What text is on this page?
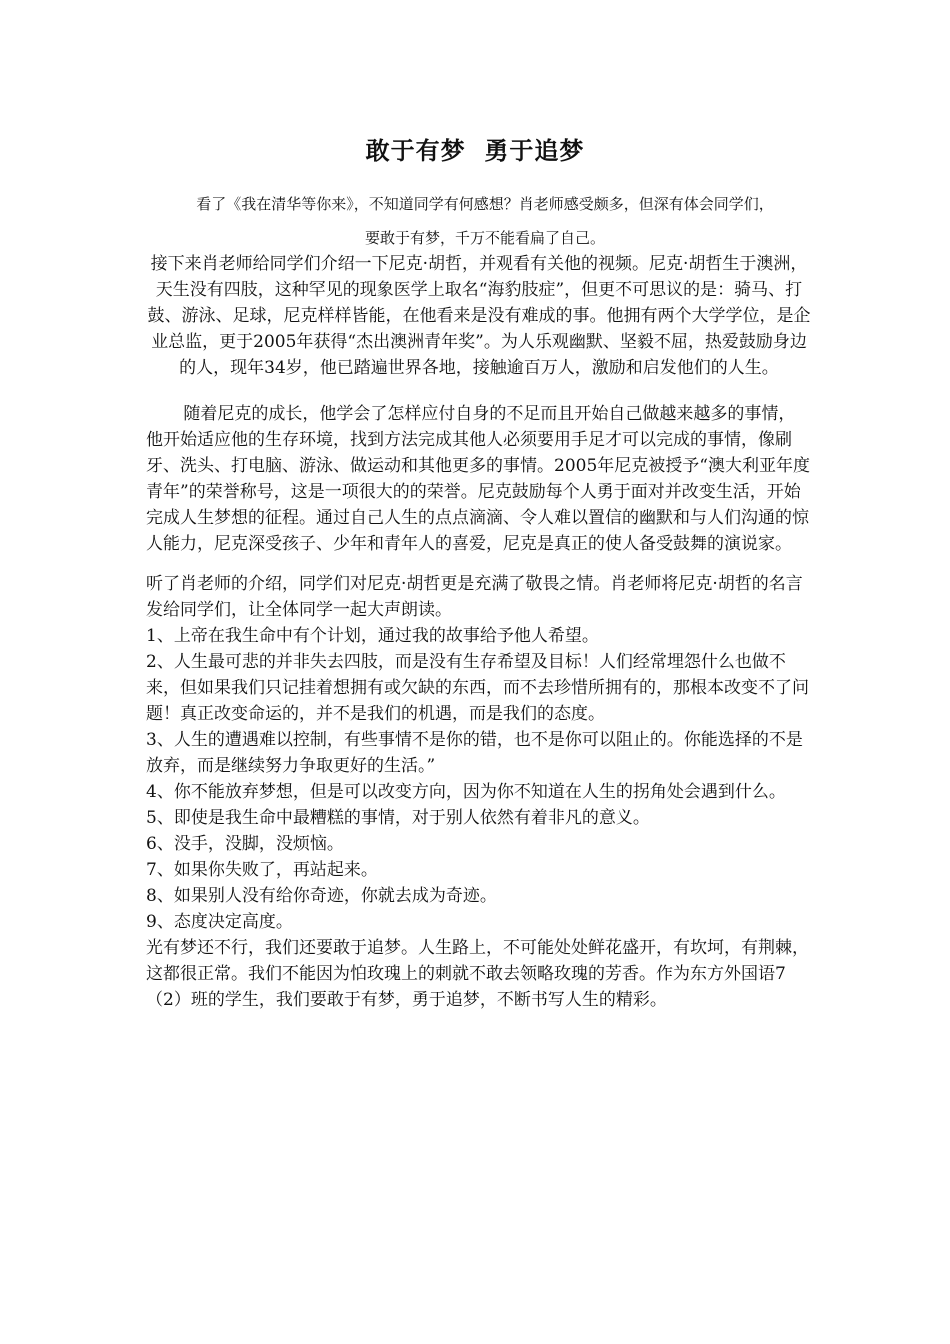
敢于有梦  勇于追梦

看了《我在清华等你来》，不知道同学有何感想？肖老师感受颇多，但深有体会同学们，

要敢于有梦，千万不能看扁了自己。

接下来肖老师给同学们介绍一下尼克·胡哲，并观看有关他的视频。尼克·胡哲生于澳洲，天生没有四肢，这种罕见的现象医学上取名“海豹肢症”，但更不可思议的是：骑马、打鼓、游泳、足球，尼克样样皆能，在他看来是没有难成的事。他拥有两个大学学位，是企业总监，更于2005年获得“杰出澳洲青年奖”。为人乐观幽默、坚毅不屈，热爱鼓励身边的人，现年34岁，他已踏遍世界各地，接触逾百万人，激励和启发他们的人生。

随着尼克的成长，他学会了怎样应付自身的不足而且开始自己做越来越多的事情，他开始适应他的生存环境，找到方法完成其他人必须要用手足才可以完成的事情，像刷牙、洗头、打电脑、游泳、做运动和其他更多的事情。2005年尼克被授予“澳大利亚年度青年”的荣誉称号，这是一项很大的的荣誉。尼克鼓励每个人勇于面对并改变生活，开始完成人生梦想的征程。通过自己人生的点点滴滴、令人难以置信的幽默和与人们沟通的惊人能力，尼克深受孩子、少年和青年人的喜爱，尼克是真正的使人备受鼓舞的演说家。

听了肖老师的介绍，同学们对尼克·胡哲更是充满了敬畏之情。肖老师将尼克·胡哲的名言发给同学们，让全体同学一起大声朗读。

1、上帝在我生命中有个计划，通过我的故事给予他人希望。

2、人生最可悲的并非失去四肢，而是没有生存希望及目标！人们经常埋怨什么也做不来，但如果我们只记挂着想拥有或欠缺的东西，而不去珍惜所拥有的，那根本改变不了问题！真正改变命运的，并不是我们的机遇，而是我们的态度。

3、人生的遭遇难以控制，有些事情不是你的错，也不是你可以阻止的。你能选择的不是放弃，而是继续努力争取更好的生活。”

4、你不能放弃梦想，但是可以改变方向，因为你不知道在人生的拐角处会遇到什么。

5、即使是我生命中最糟糕的事情，对于别人依然有着非凡的意义。

6、没手，没脚，没烦恼。

7、如果你失败了，再站起来。

8、如果别人没有给你奇迹，你就去成为奇迹。

9、态度决定高度。

光有梦还不行，我们还要敢于追梦。人生路上，不可能处处鲜花盛开，有坎坷，有荆棘，这都很正常。我们不能因为怕玫瑰上的刺就不敢去领略玫瑰的芳香。作为东方外国语7（2）班的学生，我们要敢于有梦，勇于追梦，不断书写人生的精彩。
